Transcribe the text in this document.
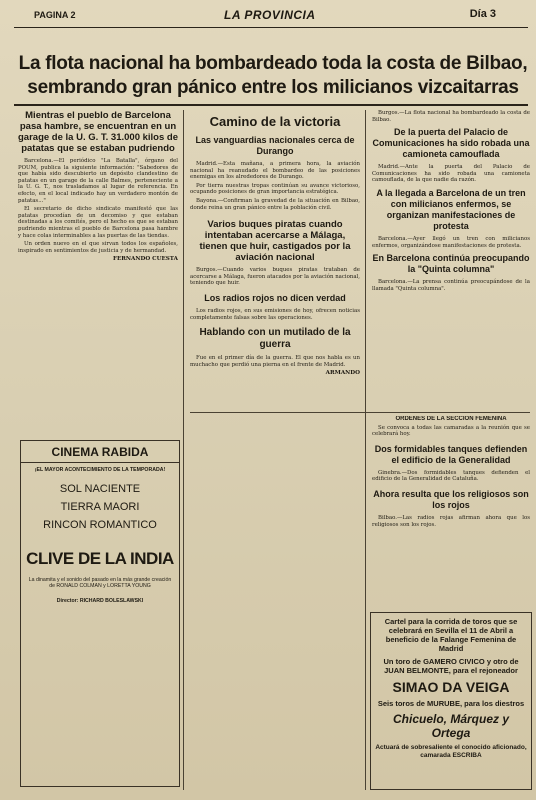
PAGINA 2	LA PROVINCIA	Día 3
La flota nacional ha bombardeado toda la costa de Bilbao, sembrando gran pánico entre los milicianos vizcaitarras
Mientras el pueblo de Barcelona pasa hambre, se encuentran en un garage de la U. G. T. 31.000 kilos de patatas que se estaban pudriendo

Barcelona.—El periódico "La Batalla", órgano del POUM, publica la siguiente información: "Sabedores de que había sido descubierto un depósito clandestino de patatas en un garage de la calle Balmes, perteneciente a la U. G. T., nos trasladamos al lugar de referencia. En efecto, en el local indicado hay un verdadero montón de patatas..."

El secretario de dicho sindicato manifestó que las patatas procedían de un decomiso y que estaban destinadas a los comités, pero el hecho es que se estaban pudriendo mientras el pueblo de Barcelona pasa hambre y hace colas interminables a las puertas de las tiendas.

Un orden nuevo en el que sirvan todos los españoles, inspirado en sentimientos de justicia y de hermandad.

FERNANDO CUESTA
CINEMA RABIDA
¡EL MAYOR ACONTECIMIENTO DE LA TEMPORADA!
SOL NACIENTE
TIERRA MAORI
RINCON ROMANTICO
CLIVE DE LA INDIA
La dinamita y el sonido del pasado en la más grande creación de RONALD COLMAN y LORETTA YOUNG
Director: RICHARD BOLESLAWSKI
Camino de la victoria
Las vanguardias nacionales cerca de Durango

Madrid.—Esta mañana, a primera hora, la aviación nacional ha reanudado el bombardeo de las posiciones enemigas en los alrededores de Durango.

Por tierra nuestras tropas continúan su avance victorioso, ocupando posiciones de gran importancia estratégica.

Bayona.—Confirman la gravedad de la situación en Bilbao, donde reina un gran pánico entre la población civil.

Varios buques piratas cuando intentaban acercarse a Málaga, tienen que huir, castigados por la aviación nacional

Burgos.—Cuando varios buques piratas trataban de acercarse a Málaga, fueron atacados por la aviación nacional, teniendo que huir.

Los radios rojos no dicen verdad

Los radios rojos, en sus emisiones de hoy, ofrecen noticias completamente falsas sobre las operaciones.

Hablando con un mutilado de la guerra

Fue en el primer día de la guerra. El que nos habla es un muchacho que perdió una pierna en el frente de Madrid.

ARMANDO

Burgos.—La flota nacional ha bombardeado la costa de Bilbao.

De la puerta del Palacio de Comunicaciones ha sido robada una camioneta camouflada

Madrid.—Ante la puerta del Palacio de Comunicaciones ha sido robada una camioneta camouflada, de la que nadie da razón.

A la llegada a Barcelona de un tren con milicianos enfermos, se organizan manifestaciones de protesta

Barcelona.—Ayer llegó un tren con milicianos enfermos, organizándose manifestaciones de protesta.

En Barcelona continúa preocupando la "Quinta columna"

Barcelona.—La prensa continúa preocupándose de la llamada "Quinta columna".

ORDENES DE LA SECCION FEMENINA

Se convoca a todas las camaradas a la reunión que se celebrará hoy.

Dos formidables tanques defienden el edificio de la Generalidad

Ginebra.—Dos formidables tanques defienden el edificio de la Generalidad de Cataluña.

Ahora resulta que los religiosos son los rojos

Bilbao.—Las radios rojas afirman ahora que los religiosos son los rojos.

Cartel para la corrida de toros que se celebrará en Sevilla el 11 de Abril a beneficio de la Falange Femenina de Madrid
Un toro de GAMERO CIVICO y otro de JUAN BELMONTE, para el rejoneador
SIMAO DA VEIGA
Seis toros de MURUBE, para los diestros
Chicuelo, Márquez y Ortega
Actuará de sobresaliente el conocido aficionado, camarada ESCRIBA
